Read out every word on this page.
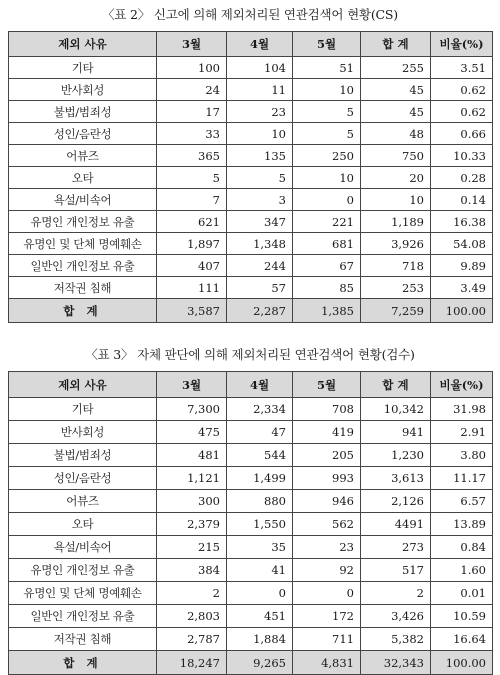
〈표 2〉 신고에 의해 제외처리된 연관검색어 현황(CS)
제외 사유	3월	4월	5월	합 계	비율(%)
기타	100	104	51	255	3.51
반사회성	24	11	10	45	0.62
불법/범죄성	17	23	5	45	0.62
성인/음란성	33	10	5	48	0.66
어뷰즈	365	135	250	750	10.33
오타	5	5	10	20	0.28
욕설/비속어	7	3	0	10	0.14
유명인 개인정보 유출	621	347	221	1,189	16.38
유명인 및 단체 명예훼손	1,897	1,348	681	3,926	54.08
일반인 개인정보 유출	407	244	67	718	9.89
저작권 침해	111	57	85	253	3.49
합 계	3,587	2,287	1,385	7,259	100.00
〈표 3〉 자체 판단에 의해 제외처리된 연관검색어 현황(검수)
제외 사유	3월	4월	5월	합 계	비율(%)
기타	7,300	2,334	708	10,342	31.98
반사회성	475	47	419	941	2.91
불법/범죄성	481	544	205	1,230	3.80
성인/음란성	1,121	1,499	993	3,613	11.17
어뷰즈	300	880	946	2,126	6.57
오타	2,379	1,550	562	4491	13.89
욕설/비속어	215	35	23	273	0.84
유명인 개인정보 유출	384	41	92	517	1.60
유명인 및 단체 명예훼손	2	0	0	2	0.01
일반인 개인정보 유출	2,803	451	172	3,426	10.59
저작권 침해	2,787	1,884	711	5,382	16.64
합 계	18,247	9,265	4,831	32,343	100.00
